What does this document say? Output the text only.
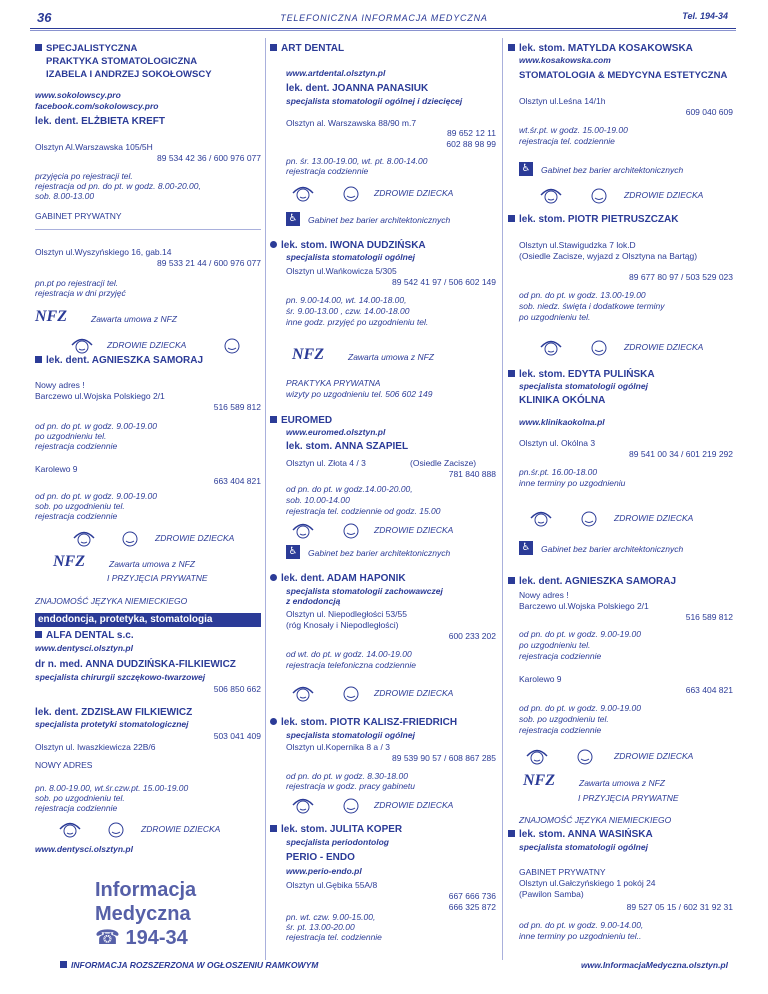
36	TELEFONICZNA INFORMACJA MEDYCZNA	Tel. 194-34
SPECJALISTYCZNA
PRAKTYKA STOMATOLOGICZNA
IZABELA I ANDRZEJ SOKOŁOWSCY
www.sokolowscy.pro
facebook.com/sokolowscy.pro
lek. dent. ELŻBIETA KREFT
Olsztyn Al.Warszawska 105/5H
89 534 42 36 / 600 976 077
przyjęcia po rejestracji tel.
rejestracja od pn. do pt. w godz. 8.00-20.00,
sob. 8.00-13.00
GABINET PRYWATNY
Olsztyn ul.Wyszyńskiego 16, gab.14
89 533 21 44 / 600 976 077
pn.pt po rejestracji tel.
rejestracja w dni przyjęć
NFZ	Zawarta umowa z NFZ
ZDROWIE DZIECKA
lek. dent. AGNIESZKA SAMORAJ
Nowy adres !
Barczewo ul.Wojska Polskiego 2/1
516 589 812
od pn. do pt. w godz. 9.00-19.00
po uzgodnieniu tel.
rejestracja codziennie
Karolewo 9
663 404 821
od pn. do pt. w godz. 9.00-19.00
sob. po uzgodnieniu tel.
rejestracja codziennie
ZDROWIE DZIECKA
NFZ	Zawarta umowa z NFZ
I PRZYJĘCIA PRYWATNE
ZNAJOMOŚĆ JĘZYKA NIEMIECKIEGO
endodoncja, protetyka, stomatologia
ALFA DENTAL s.c.
www.dentysci.olsztyn.pl
dr n. med. ANNA DUDZIŃSKA-FILKIEWICZ
specjalista chirurgii szczękowo-twarzowej
506 850 662
lek. dent. ZDZISŁAW FILKIEWICZ
specjalista protetyki stomatologicznej
503 041 409
Olsztyn ul. Iwaszkiewicza 22B/6
NOWY ADRES
pn. 8.00-19.00, wt.śr.czw.pt. 15.00-19.00
sob. po uzgodnieniu tel.
rejestracja codziennie
ZDROWIE DZIECKA
www.dentysci.olsztyn.pl
Informacja
Medyczna
☎ 194-34
ART DENTAL
www.artdental.olsztyn.pl
lek. dent. JOANNA PANASIUK
specjalista stomatologii ogólnej i dziecięcej
Olsztyn al. Warszawska 88/90 m.7
89 652 12 11
602 88 98 99
pn. śr. 13.00-19.00, wt. pt. 8.00-14.00
rejestracja codziennie
ZDROWIE DZIECKA
♿ Gabinet bez barier architektonicznych
lek. stom. IWONA DUDZIŃSKA
specjalista stomatologii ogólnej
Olsztyn ul.Wańkowicza 5/305
89 542 41 97 / 506 602 149
pn. 9.00-14.00, wt. 14.00-18.00,
śr. 9.00-13.00 , czw. 14.00-18.00
inne godz. przyjęć po uzgodnieniu tel.
NFZ	Zawarta umowa z NFZ
PRAKTYKA PRYWATNA
wizyty po uzgodnieniu tel. 506 602 149
EUROMED
www.euromed.olsztyn.pl
lek. stom. ANNA SZAPIEL
Olsztyn ul. Złota 4 / 3	(Osiedle Zacisze)
781 840 888
od pn. do pt. w godz.14.00-20.00,
sob. 10.00-14.00
rejestracja tel. codziennie od godz. 15.00
ZDROWIE DZIECKA
♿ Gabinet bez barier architektonicznych
lek. dent. ADAM HAPONIK
specjalista stomatologii zachowawczej
z endodoncją
Olsztyn ul. Niepodległości 53/55
(róg Knosały i Niepodległości)
600 233 202
od wt. do pt. w godz. 14.00-19.00
rejestracja telefoniczna codziennie
ZDROWIE DZIECKA
lek. stom. PIOTR KALISZ-FRIEDRICH
specjalista stomatologii ogólnej
Olsztyn ul.Kopernika 8 a / 3
89 539 90 57 / 608 867 285
od pn. do pt. w godz. 8.30-18.00
rejestracja w godz. pracy gabinetu
ZDROWIE DZIECKA
lek. stom. JULITA KOPER
specjalista periodontolog
PERIO - ENDO
www.perio-endo.pl
Olsztyn ul.Gębika 55A/8
667 666 736
666 325 872
pn. wt. czw. 9.00-15.00,
śr. pt. 13.00-20.00
rejestracja tel. codziennie
lek. stom. MATYLDA KOSAKOWSKA
www.kosakowska.com
STOMATOLOGIA & MEDYCYNA ESTETYCZNA
Olsztyn ul.Leśna 14/1h
609 040 609
wt.śr.pt. w godz. 15.00-19.00
rejestracja tel. codziennie
♿ Gabinet bez barier architektonicznych
ZDROWIE DZIECKA
lek. stom. PIOTR PIETRUSZCZAK
Olsztyn ul.Stawigudzka 7 lok.D
(Osiedle Zacisze, wyjazd z Olsztyna na Bartąg)
89 677 80 97 / 503 529 023
od pn. do pt. w godz. 13.00-19.00
sob. niedz. święta i dodatkowe terminy
po uzgodnieniu tel.
ZDROWIE DZIECKA
lek. stom. EDYTA PULIŃSKA
specjalista stomatologii ogólnej
KLINIKA OKÓLNA
www.klinikaokolna.pl
Olsztyn ul. Okólna 3
89 541 00 34 / 601 219 292
pn.śr.pt. 16.00-18.00
inne terminy po uzgodnieniu
ZDROWIE DZIECKA
♿ Gabinet bez barier architektonicznych
lek. dent. AGNIESZKA SAMORAJ
Nowy adres !
Barczewo ul.Wojska Polskiego 2/1
516 589 812
od pn. do pt. w godz. 9.00-19.00
po uzgodnieniu tel.
rejestracja codziennie
Karolewo 9
663 404 821
od pn. do pt. w godz. 9.00-19.00
sob. po uzgodnieniu tel.
rejestracja codziennie
ZDROWIE DZIECKA
NFZ	Zawarta umowa z NFZ
I PRZYJĘCIA PRYWATNE
ZNAJOMOŚĆ JĘZYKA NIEMIECKIEGO
lek. stom. ANNA WASIŃSKA
specjalista stomatologii ogólnej
GABINET PRYWATNY
Olsztyn ul.Gałczyńskiego 1 pokój 24
(Pawilon Samba)
89 527 05 15 / 602 31 92 31
od pn. do pt. w godz. 9.00-14.00,
inne terminy po uzgodnieniu tel..
INFORMACJA ROZSZERZONA W OGŁOSZENIU RAMKOWYM	www.InformacjaMedyczna.olsztyn.pl
